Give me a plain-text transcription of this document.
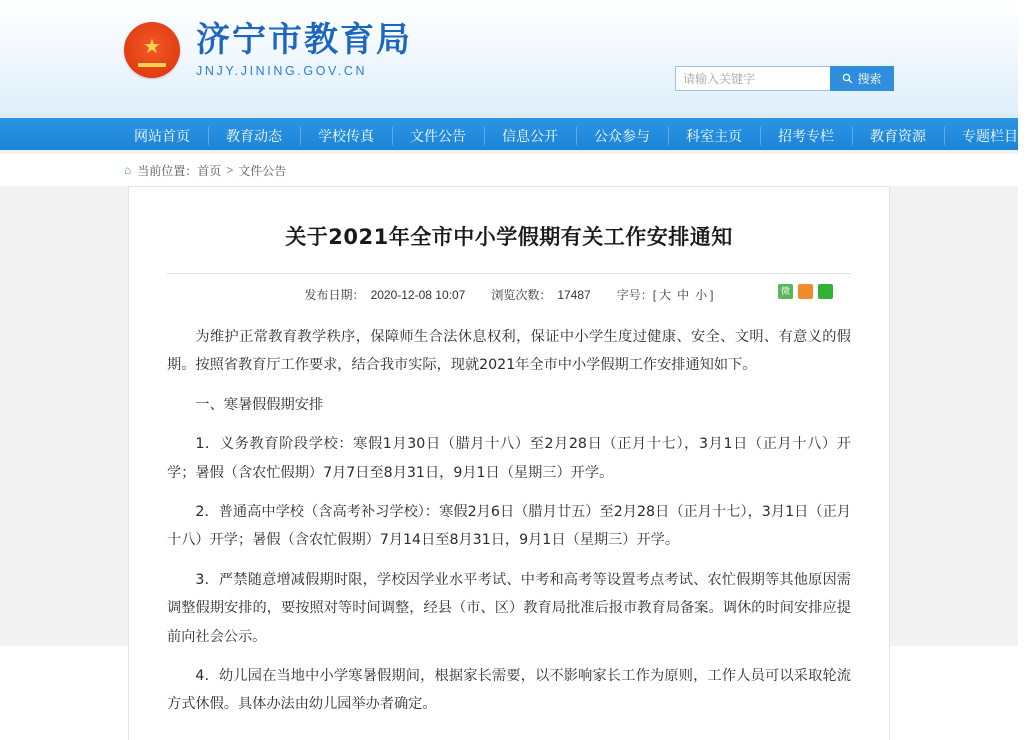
★ 济宁市教育局
JNJY.JINING.GOV.CN
请输入关键字
搜索
网站首页	教育动态	学校传真	文件公告	信息公开	公众参与	科室主页	招考专栏	教育资源	专题栏目
⌂ 当前位置： 首页 > 文件公告
关于2021年全市中小学假期有关工作安排通知
发布日期： 2020-12-08 10:07 浏览次数： 17487 字号：[ 大 中 小 ]	微

为维护正常教育教学秩序，保障师生合法休息权利，保证中小学生度过健康、安全、文明、有意义的假期。按照省教育厅工作要求，结合我市实际，现就2021年全市中小学假期工作安排通知如下。

一、寒暑假假期安排

1．义务教育阶段学校：寒假1月30日（腊月十八）至2月28日（正月十七），3月1日（正月十八）开学；暑假（含农忙假期）7月7日至8月31日，9月1日（星期三）开学。

2．普通高中学校（含高考补习学校）：寒假2月6日（腊月廿五）至2月28日（正月十七），3月1日（正月十八）开学；暑假（含农忙假期）7月14日至8月31日，9月1日（星期三）开学。

3．严禁随意增减假期时限，学校因学业水平考试、中考和高考等设置考点考试、农忙假期等其他原因需调整假期安排的，要按照对等时间调整，经县（市、区）教育局批准后报市教育局备案。调休的时间安排应提前向社会公示。

4．幼儿园在当地中小学寒暑假期间，根据家长需要，以不影响家长工作为原则，工作人员可以采取轮流方式休假。具体办法由幼儿园举办者确定。
